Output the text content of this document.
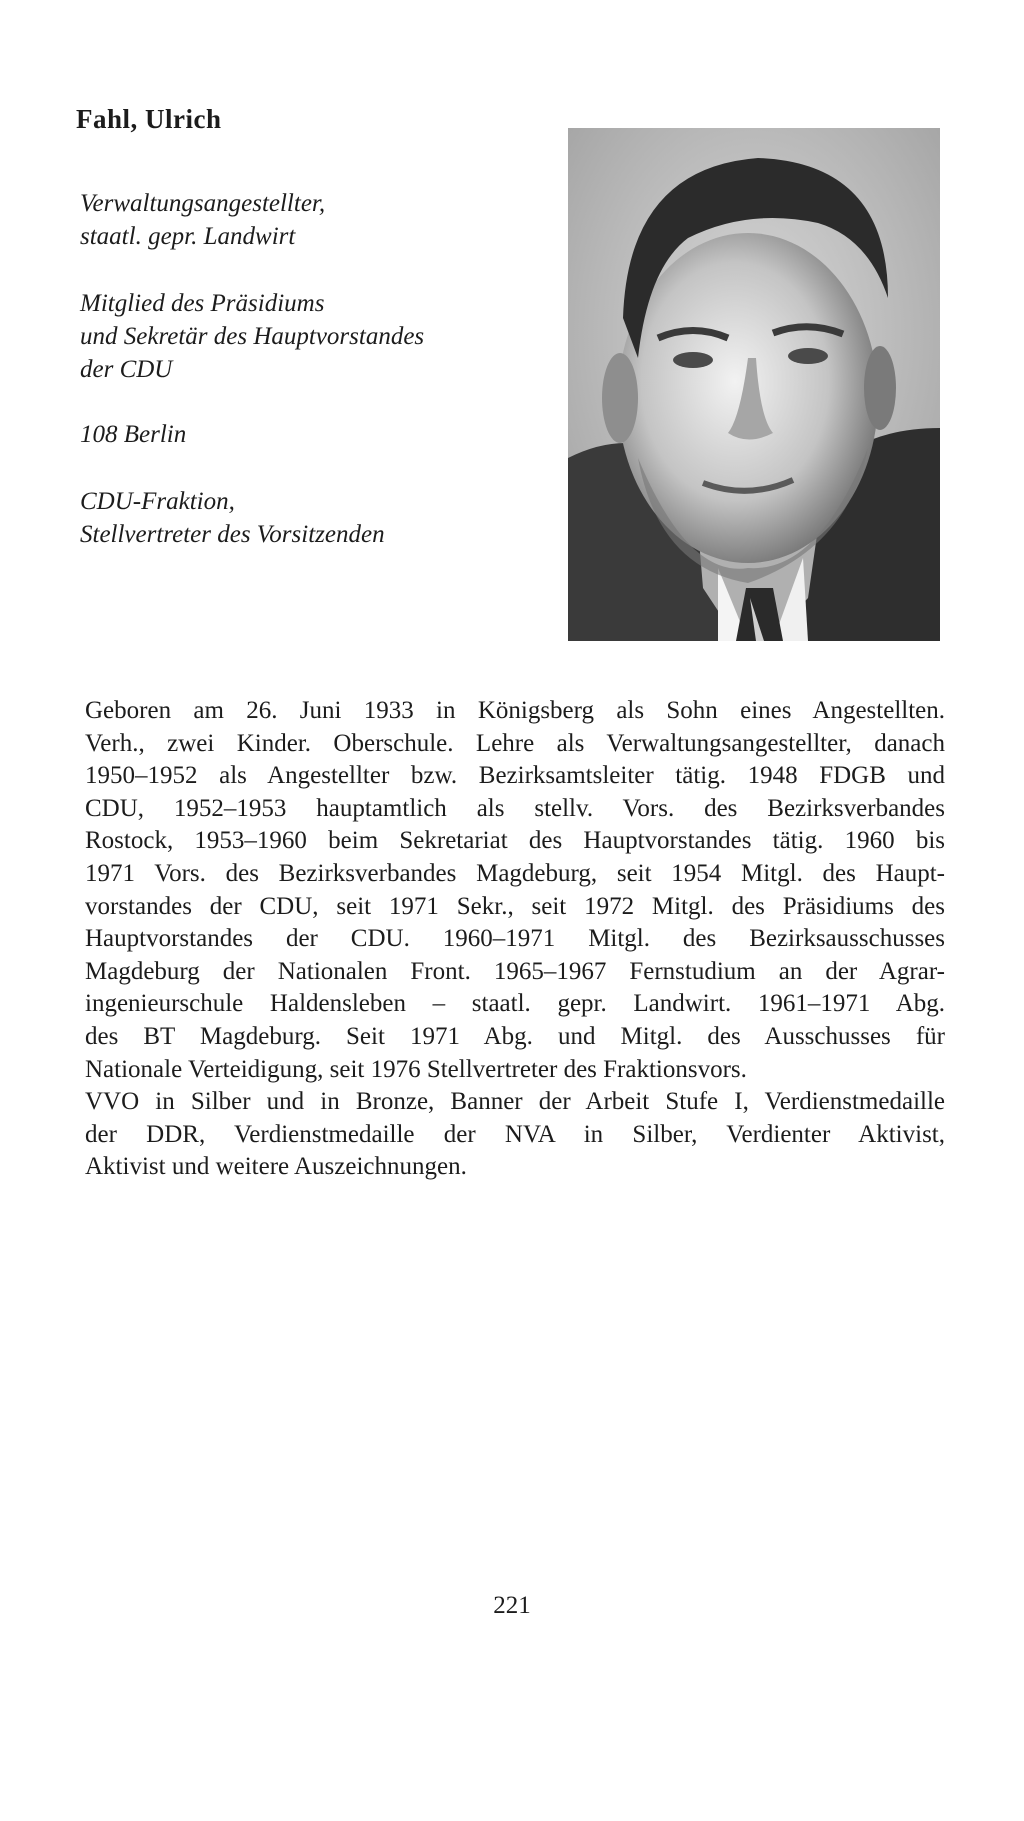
Fahl, Ulrich

Verwaltungsangestellter,
staatl. gepr. Landwirt

Mitglied des Präsidiums
und Sekretär des Hauptvorstandes
der CDU

108 Berlin

CDU-Fraktion,
Stellvertreter des Vorsitzenden

Geboren am 26. Juni 1933 in Königsberg als Sohn eines Angestellten.
Verh., zwei Kinder. Oberschule. Lehre als Verwaltungsangestellter, danach
1950–1952 als Angestellter bzw. Bezirksamtsleiter tätig. 1948 FDGB und
CDU, 1952–1953 hauptamtlich als stellv. Vors. des Bezirksverbandes
Rostock, 1953–1960 beim Sekretariat des Hauptvorstandes tätig. 1960 bis
1971 Vors. des Bezirksverbandes Magdeburg, seit 1954 Mitgl. des Haupt-
vorstandes der CDU, seit 1971 Sekr., seit 1972 Mitgl. des Präsidiums des
Hauptvorstandes der CDU. 1960–1971 Mitgl. des Bezirksausschusses
Magdeburg der Nationalen Front. 1965–1967 Fernstudium an der Agrar-
ingenieurschule Haldensleben – staatl. gepr. Landwirt. 1961–1971 Abg.
des BT Magdeburg. Seit 1971 Abg. und Mitgl. des Ausschusses für
Nationale Verteidigung, seit 1976 Stellvertreter des Fraktionsvors.
VVO in Silber und in Bronze, Banner der Arbeit Stufe I, Verdienstmedaille
der DDR, Verdienstmedaille der NVA in Silber, Verdienter Aktivist,
Aktivist und weitere Auszeichnungen.

221
